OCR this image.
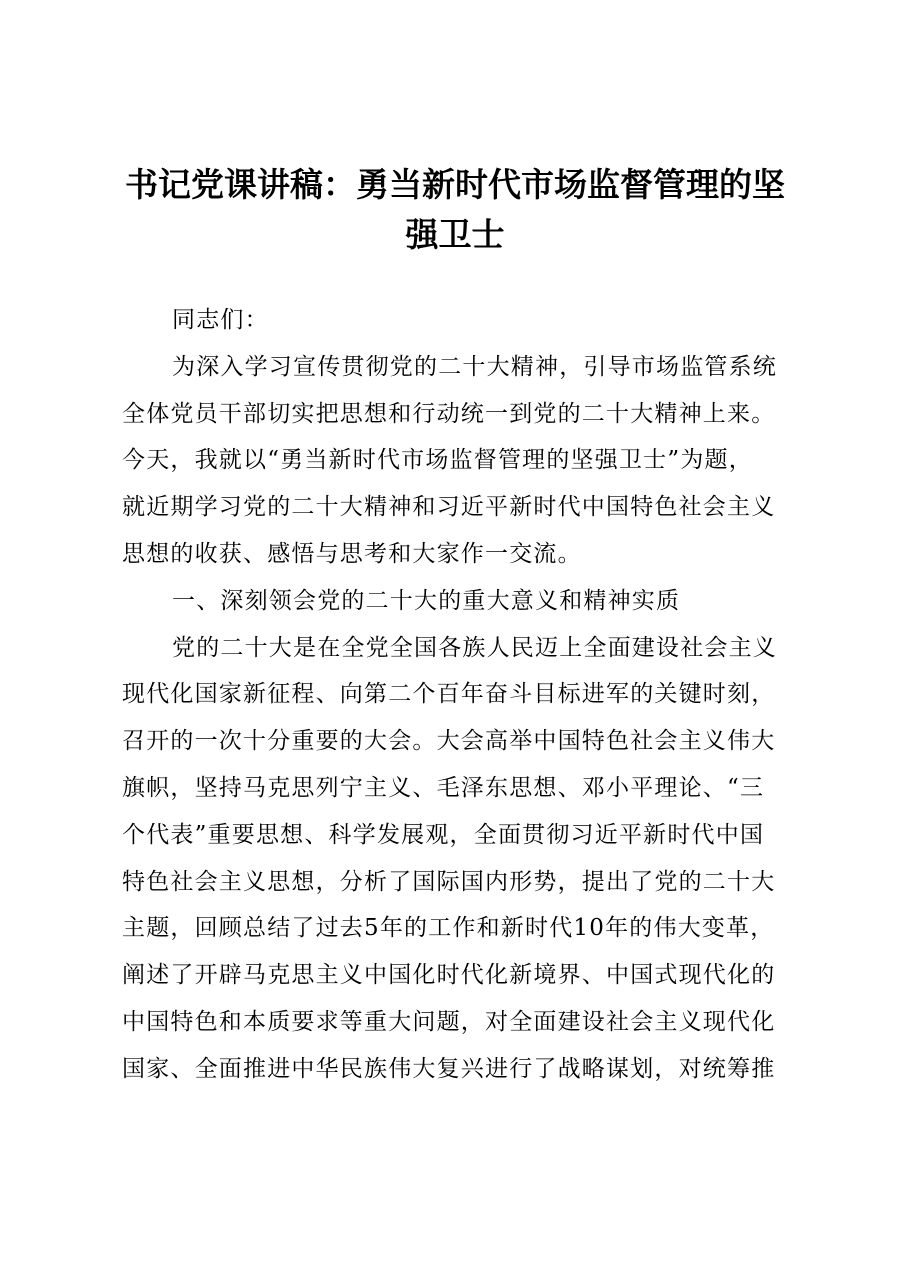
书记党课讲稿：勇当新时代市场监督管理的坚
强卫士
同志们：
为深入学习宣传贯彻党的二十大精神，引导市场监管系统
全体党员干部切实把思想和行动统一到党的二十大精神上来。
今天，我就以“勇当新时代市场监督管理的坚强卫士”为题，
就近期学习党的二十大精神和习近平新时代中国特色社会主义
思想的收获、感悟与思考和大家作一交流。
一、深刻领会党的二十大的重大意义和精神实质
党的二十大是在全党全国各族人民迈上全面建设社会主义
现代化国家新征程、向第二个百年奋斗目标进军的关键时刻，
召开的一次十分重要的大会。大会高举中国特色社会主义伟大
旗帜，坚持马克思列宁主义、毛泽东思想、邓小平理论、“三
个代表”重要思想、科学发展观，全面贯彻习近平新时代中国
特色社会主义思想，分析了国际国内形势，提出了党的二十大
主题，回顾总结了过去5年的工作和新时代10年的伟大变革，
阐述了开辟马克思主义中国化时代化新境界、中国式现代化的
中国特色和本质要求等重大问题，对全面建设社会主义现代化
国家、全面推进中华民族伟大复兴进行了战略谋划，对统筹推
